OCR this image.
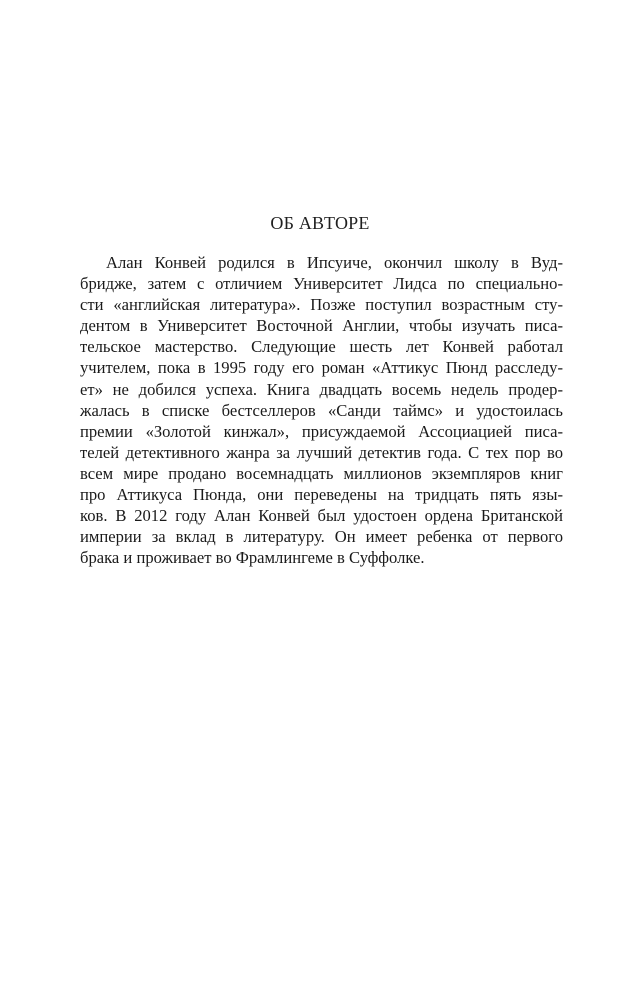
ОБ АВТОРЕ
Алан Конвей родился в Ипсуиче, окончил школу в Вуд-
бридже, затем с отличием Университет Лидса по специально-
сти «английская литература». Позже поступил возрастным сту-
дентом в Университет Восточной Англии, чтобы изучать писа-
тельское мастерство. Следующие шесть лет Конвей работал
учителем, пока в 1995 году его роман «Аттикус Пюнд расследу-
ет» не добился успеха. Книга двадцать восемь недель продер-
жалась в списке бестселлеров «Санди таймс» и удостоилась
премии «Золотой кинжал», присуждаемой Ассоциацией писа-
телей детективного жанра за лучший детектив года. С тех пор во
всем мире продано восемнадцать миллионов экземпляров книг
про Аттикуса Пюнда, они переведены на тридцать пять язы-
ков. В 2012 году Алан Конвей был удостоен ордена Британской
империи за вклад в литературу. Он имеет ребенка от первого
брака и проживает во Фрамлингеме в Суффолке.
